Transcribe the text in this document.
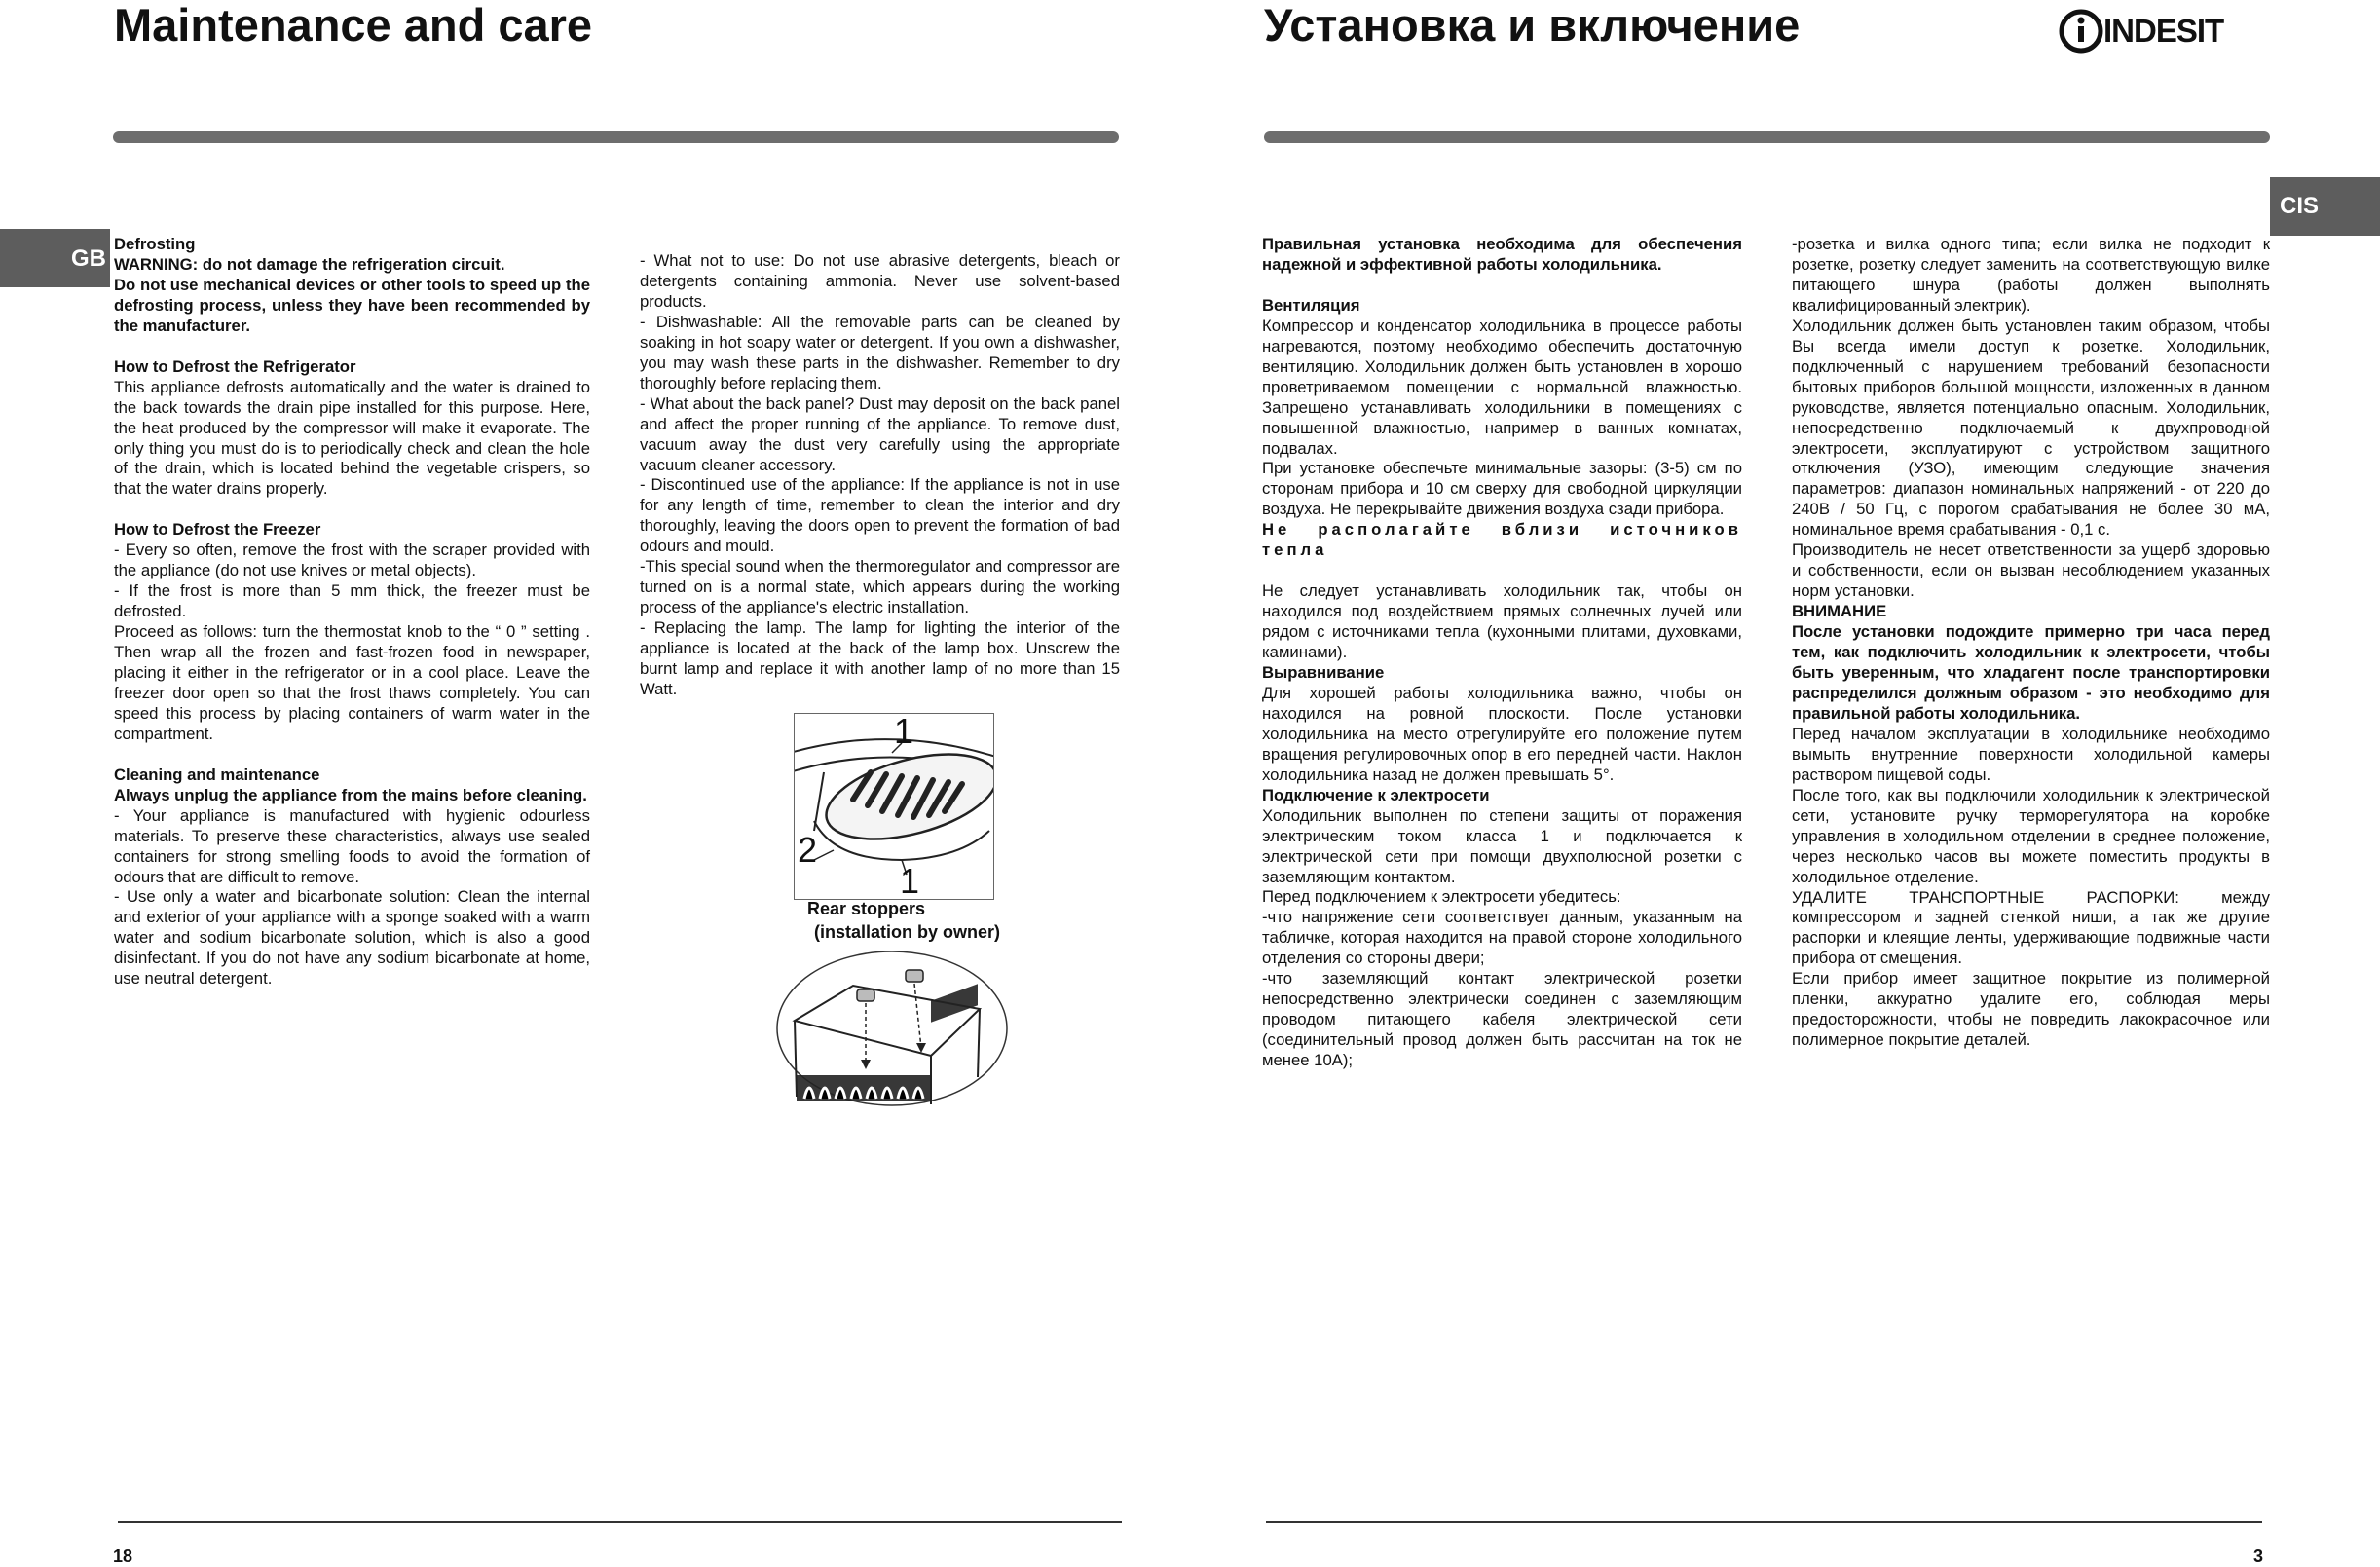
Maintenance and care
GB

Defrosting

WARNING: do not damage the refrigeration circuit.

Do not use mechanical devices or other tools to speed up the defrosting process, unless they have been recommended by the manufacturer.

How to Defrost the Refrigerator

This appliance defrosts automatically and the water is drained to the back towards the drain pipe installed for this purpose. Here, the heat produced by the compressor will make it evaporate. The only thing you must do is to periodically check and clean the hole of the drain, which is located behind the vegetable crispers, so that the water drains properly.

How to Defrost the Freezer

- Every so often, remove the frost with the scraper provided with the appliance (do not use knives or metal objects).

- If the frost is more than 5 mm thick, the freezer must be defrosted.

Proceed as follows: turn the thermostat knob to the “ 0 ” setting . Then wrap all the frozen and fast-frozen food in newspaper, placing it either in the refrigerator or in a cool place. Leave the freezer door open so that the frost thaws completely. You can speed this process by placing containers of warm water in the compartment.

Cleaning and maintenance

Always unplug the appliance from the mains before cleaning.

- Your appliance is manufactured with hygienic odourless materials. To preserve these characteristics, always use sealed containers for strong smelling foods to avoid the formation of odours that are difficult to remove.

- Use only a water and bicarbonate solution: Clean the internal and exterior of your appliance with a sponge soaked with a warm water and sodium bicarbonate solution, which is also a good disinfectant. If you do not have any sodium bicarbonate at home, use neutral detergent.

- What not to use: Do not use abrasive detergents, bleach or detergents containing ammonia. Never use solvent-based products.

- Dishwashable: All the removable parts can be cleaned by soaking in hot soapy water or detergent. If you own a dishwasher, you may wash these parts in the dishwasher. Remember to dry thoroughly before replacing them.

- What about the back panel? Dust may deposit on the back panel and affect the proper running of the appliance. To remove dust, vacuum away the dust very carefully using the appropriate vacuum cleaner accessory.

- Discontinued use of the appliance: If the appliance is not in use for any length of time, remember to clean the interior and dry thoroughly, leaving the doors open to prevent the formation of bad odours and mould.

-This special sound when the thermoregulator and compressor are turned on is a normal state, which appears during the working process of the appliance's electric installation.

- Replacing the lamp. The lamp for lighting the interior of the appliance is located at the back of the lamp box. Unscrew the burnt lamp and replace it with another lamp of no more than 15 Watt.

1
2
1
Rear stoppers
(installation by owner)
18
Установка и включение	INDESIT
CIS

Правильная установка необходима для обеспечения надежной и эффективной работы холодильника.

Вентиляция

Компрессор и конденсатор холодильника в процессе работы нагреваются, поэтому необходимо обеспечить достаточную вентиляцию. Холодильник должен быть установлен в хорошо проветриваемом помещении с нормальной влажностью. Запрещено устанавливать холодильники в помещениях с повышенной влажностью, например в ванных комнатах, подвалах.

При установке обеспечьте минимальные зазоры: (3-5) см по сторонам прибора и 10 см сверху для свободной циркуляции воздуха. Не перекрывайте движения воздуха сзади прибора.

Не располагайте вблизи источников тепла

Не следует устанавливать холодильник так, чтобы он находился под воздействием прямых солнечных лучей или рядом с источниками тепла (кухонными плитами, духовками, каминами).

Выравнивание

Для хорошей работы холодильника важно, чтобы он находился на ровной плоскости. После установки холодильника на место отрегулируйте его положение путем вращения регулировочных опор в его передней части. Наклон холодильника назад не должен превышать 5°.

Подключение к электросети

Холодильник выполнен по степени защиты от поражения электрическим током класса 1 и подключается к электрической сети при помощи двухполюсной розетки с заземляющим контактом.

Перед подключением к электросети убедитесь:

-что напряжение сети соответствует данным, указанным на табличке, которая находится на правой стороне холодильного отделения со стороны двери;

-что заземляющий контакт электрической розетки непосредственно электрически соединен с заземляющим проводом питающего кабеля электрической сети (соединительный провод должен быть рассчитан на ток не менее 10А);

-розетка и вилка одного типа; если вилка не подходит к розетке, розетку следует заменить на соответствующую вилке питающего шнура (работы должен выполнять квалифицированный электрик).

Холодильник должен быть установлен таким образом, чтобы Вы всегда имели доступ к розетке. Холодильник, подключенный с нарушением требований безопасности бытовых приборов большой мощности, изложенных в данном руководстве, является потенциально опасным. Холодильник, непосредственно подключаемый к двухпроводной электросети, эксплуатируют с устройством защитного отключения (УЗО), имеющим следующие значения параметров: диапазон номинальных напряжений - от 220 до 240В / 50 Гц, с порогом срабатывания не более 30 мА, номинальное время срабатывания - 0,1 с.

Производитель не несет ответственности за ущерб здоровью и собственности, если он вызван несоблюдением указанных норм установки.

ВНИМАНИЕ

После установки подождите примерно три часа перед тем, как подключить холодильник к электросети, чтобы быть уверенным, что хладагент после транспортировки распределился должным образом - это необходимо для правильной работы холодильника.

Перед началом эксплуатации в холодильнике необходимо вымыть внутренние поверхности холодильной камеры раствором пищевой соды.

После того, как вы подключили холодильник к электрической сети, установите ручку терморегулятора на коробке управления в холодильном отделении в среднее положение, через несколько часов вы можете поместить продукты в холодильное отделение.

УДАЛИТЕ ТРАНСПОРТНЫЕ РАСПОРКИ: между компрессором и задней стенкой ниши, а так же другие распорки и клеящие ленты, удерживающие подвижные части прибора от смещения.

Если прибор имеет защитное покрытие из полимерной пленки, аккуратно удалите его, соблюдая меры предосторожности, чтобы не повредить лакокрасочное или полимерное покрытие деталей.

3
